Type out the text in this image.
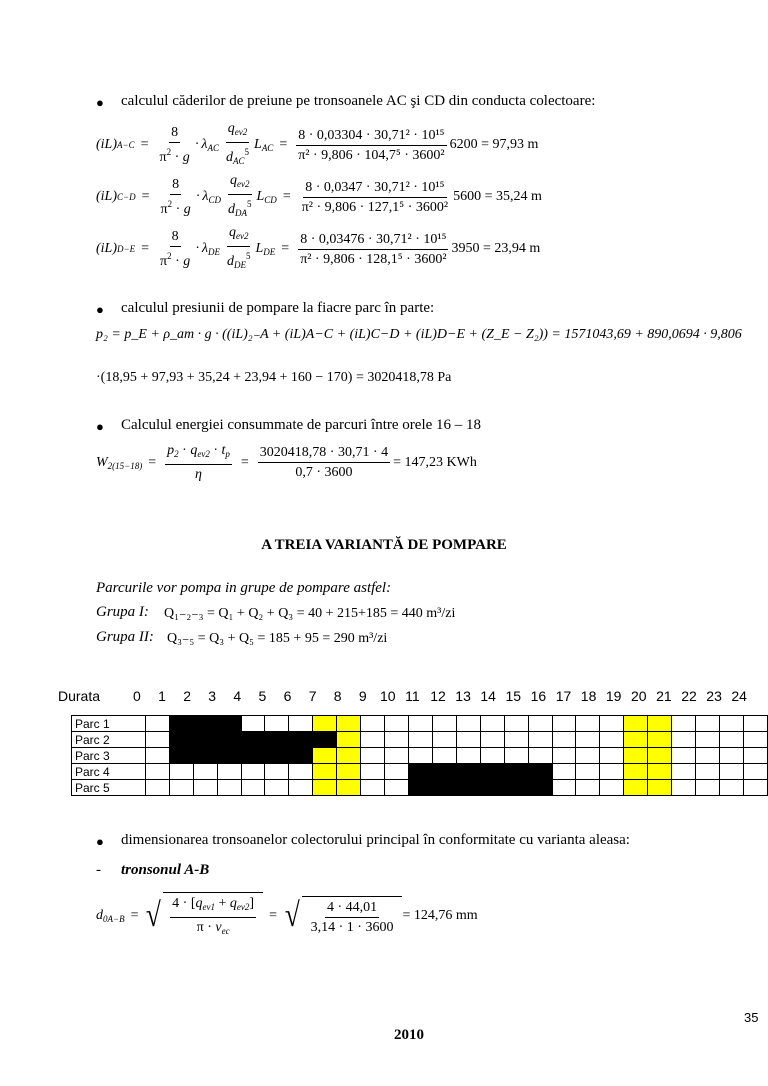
● calculul căderilor de preiune pe tronsoanele AC şi CD din conducta colectoare:
(iL) $A-C = \frac{8}{\pi^2 \cdot g} \cdot \lambda_{AC} \frac{q_{ev2}}{d_{AC}^5} L_{AC} = \frac{\text{8 · 0,03304 · 30,71² · 10¹⁵}}{\text{π² · 9,806 · 104,7⁵ · 3600²}} 6200 = 97,93$ m
(iL) $C-D = \frac{8}{\pi^2 \cdot g} \cdot \lambda_{CD} \frac{q_{ev2}}{d_{DA}^5} L_{CD} = \frac{\text{8 · 0,0347 · 30,71² · 10¹⁵}}{\text{π² · 9,806 · 127,1⁵ · 3600²}} 5600 = 35,24$ m
(iL) $D-E = \frac{8}{\pi^2 \cdot g} \cdot \lambda_{DE} \frac{q_{ev2}}{d_{DE}^5} L_{DE} = \frac{\text{8 · 0,03476 · 30,71² · 10¹⁵}}{\text{π² · 9,806 · 128,1⁵ · 3600²}} 3950 = 23,94$ m
● calculul presiunii de pompare la fiacre parc în parte:
p₂ = p_E + ρ_am · g · ((iL)₂₋A + (iL)A−C + (iL)C−D + (iL)D−E + (Z_E − Z₂)) = 1571043,69 + 890,0694 · 9,806
·(18,95 + 97,93 + 35,24 + 23,94 + 160 − 170) = 3020418,78 Pa
● Calculul energiei consummate de parcuri între orele 16 – 18
$W_{2(15-18)} = \frac{p_2 \cdot q_{ev2} \cdot t_p}{\eta} = \frac{3020418,78 \cdot 30,71 \cdot 4}{0,7 \cdot 3600} = 147,23$ KWh
A TREIA VARIANTĂ DE POMPARE
Parcurile vor pompa in grupe de pompare astfel:
Grupa I: Q₁₋₂₋₃ = Q₁ + Q₂ + Q₃ = 40 + 215+185 = 440 m³/zi
Grupa II: Q₃₋₅ = Q₃ + Q₅ = 185 + 95 = 290 m³/zi
Durata 0 1 2 3 4 5 6 7 8 9 10 11 12 13 14 15 16 17 18 19 20 21 22 23 24
Parc 1																										
Parc 2																										
Parc 3																										
Parc 4																										
Parc 5																										
● dimensionarea tronsoanelor colectorului principal în conformitate cu varianta aleasa:
- tronsonul A-B
$d_{0A-B}$ = √ $\frac{4 \cdot [q_{ev1} + q_{ev2}]}{\pi \cdot v_{ec}}$ = √ $\frac{4 \cdot 44,01}{3,14 \cdot 1 \cdot 3600} = 124,76$ mm
35
2010
